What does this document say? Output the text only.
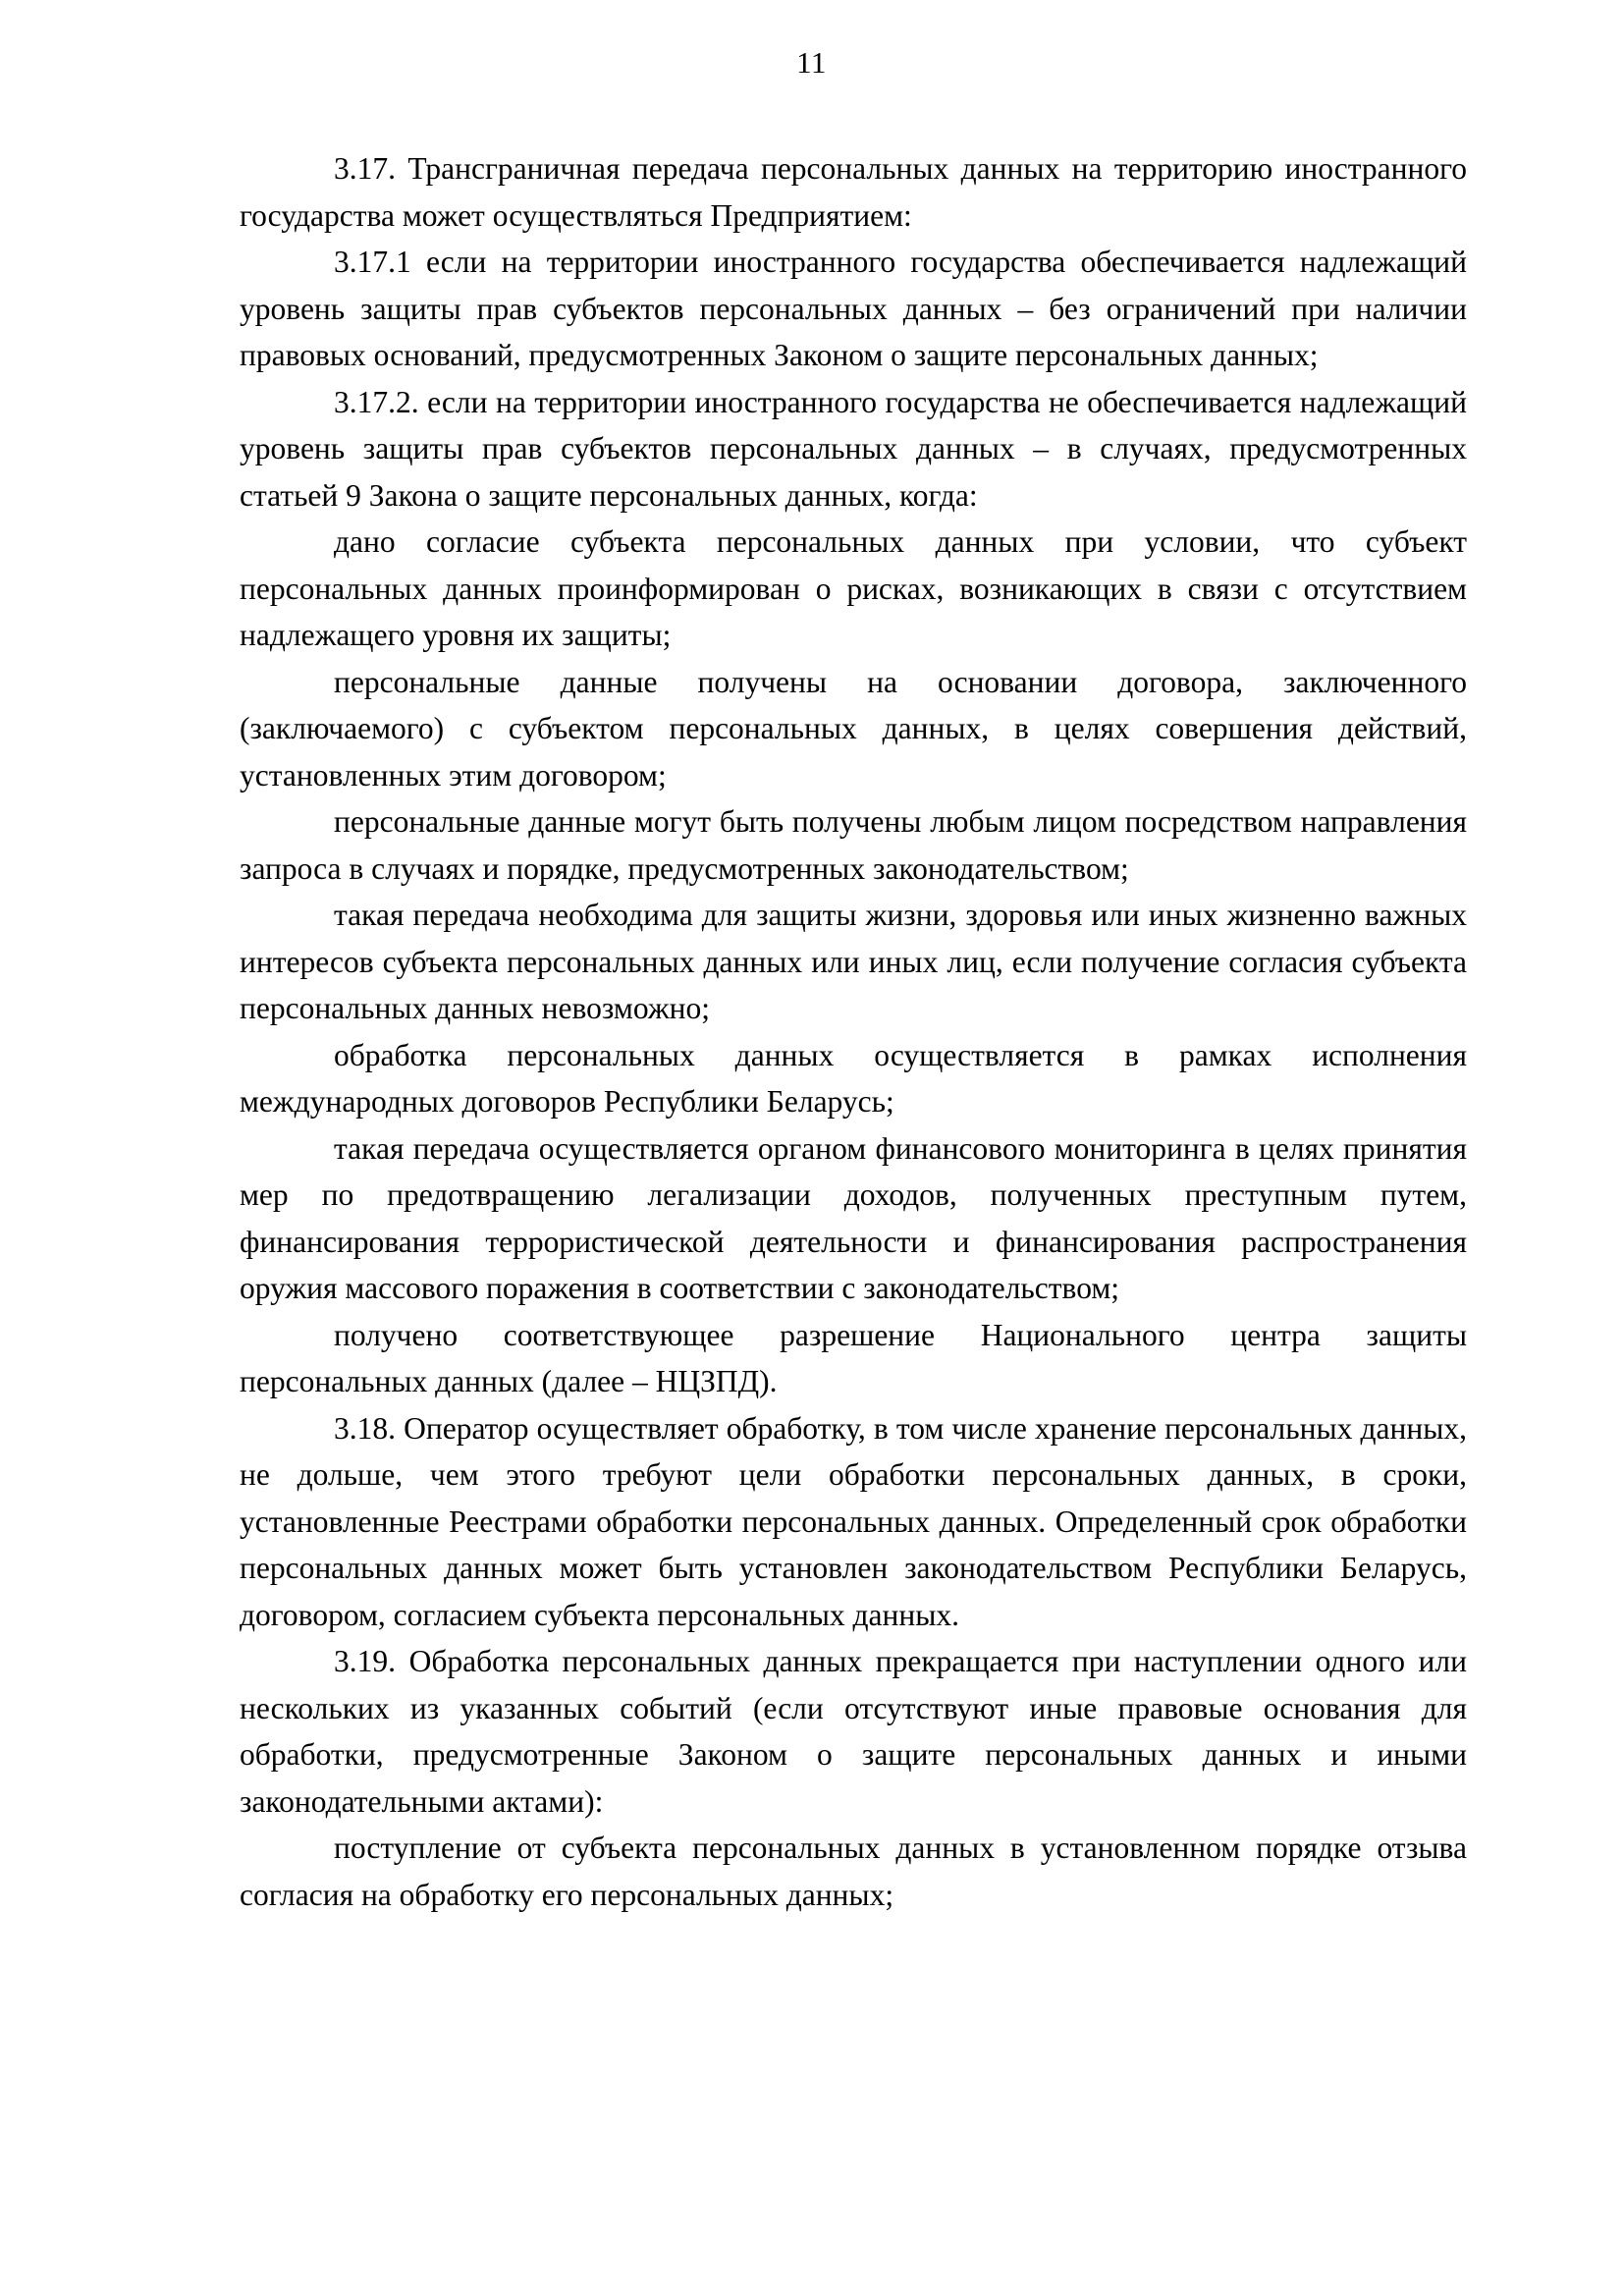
11

3.17. Трансграничная передача персональных данных на территорию иностранного государства может осуществляться Предприятием:

3.17.1 если на территории иностранного государства обеспечивается надлежащий уровень защиты прав субъектов персональных данных – без ограничений при наличии правовых оснований, предусмотренных Законом о защите персональных данных;

3.17.2. если на территории иностранного государства не обеспечивается надлежащий уровень защиты прав субъектов персональных данных – в случаях, предусмотренных статьей 9 Закона о защите персональных данных, когда:

дано согласие субъекта персональных данных при условии, что субъект персональных данных проинформирован о рисках, возникающих в связи с отсутствием надлежащего уровня их защиты;

персональные данные получены на основании договора, заключенного (заключаемого) с субъектом персональных данных, в целях совершения действий, установленных этим договором;

персональные данные могут быть получены любым лицом посредством направления запроса в случаях и порядке, предусмотренных законодательством;

такая передача необходима для защиты жизни, здоровья или иных жизненно важных интересов субъекта персональных данных или иных лиц, если получение согласия субъекта персональных данных невозможно;

обработка персональных данных осуществляется в рамках исполнения международных договоров Республики Беларусь;

такая передача осуществляется органом финансового мониторинга в целях принятия мер по предотвращению легализации доходов, полученных преступным путем, финансирования террористической деятельности и финансирования распространения оружия массового поражения в соответствии с законодательством;

получено соответствующее разрешение Национального центра защиты персональных данных (далее – НЦЗПД).

3.18. Оператор осуществляет обработку, в том числе хранение персональных данных, не дольше, чем этого требуют цели обработки персональных данных, в сроки, установленные Реестрами обработки персональных данных. Определенный срок обработки персональных данных может быть установлен законодательством Республики Беларусь, договором, согласием субъекта персональных данных.

3.19. Обработка персональных данных прекращается при наступлении одного или нескольких из указанных событий (если отсутствуют иные правовые основания для обработки, предусмотренные Законом о защите персональных данных и иными законодательными актами):

поступление от субъекта персональных данных в установленном порядке отзыва согласия на обработку его персональных данных;
